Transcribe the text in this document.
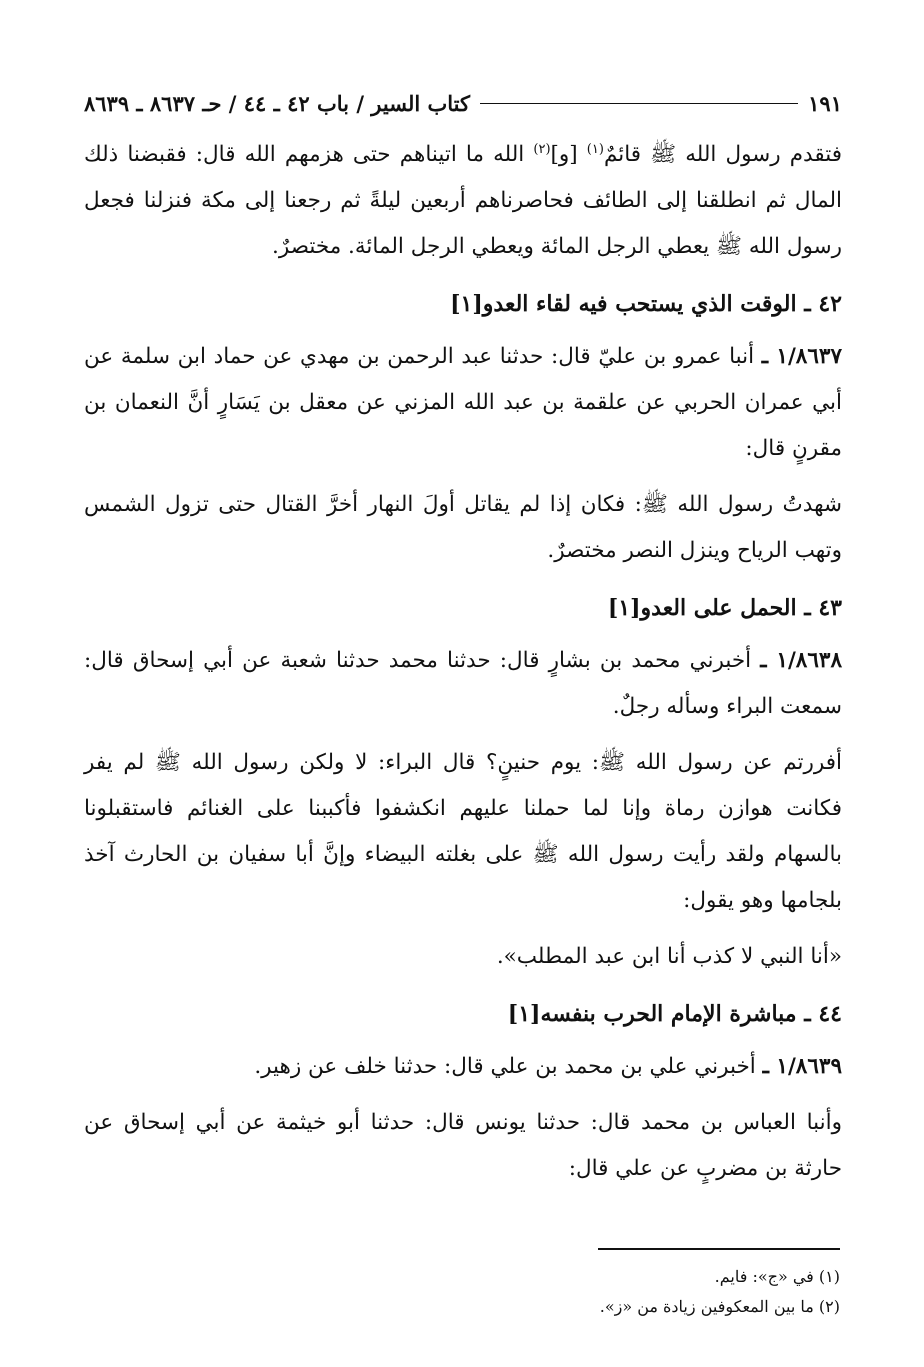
كتاب السير / باب ٤٢ ـ ٤٤ / حـ ٨٦٣٧ ـ ٨٦٣٩	١٩١

فتقدم رسول الله ﷺ قائمٌ$^{(١)}$ [و]$^{(٢)}$ الله ما اتيناهم حتى هزمهم الله قال: فقبضنا ذلك المال ثم انطلقنا إلى الطائف فحاصرناهم أربعين ليلةً ثم رجعنا إلى مكة فنزلنا فجعل رسول الله ﷺ يعطي الرجل المائة ويعطي الرجل المائة. مختصرٌ.

٤٢ ـ الوقت الذي يستحب فيه لقاء العدو[١]

١/٨٦٣٧ ـ أنبا عمرو بن عليّ قال: حدثنا عبد الرحمن بن مهدي عن حماد ابن سلمة عن أبي عمران الحربي عن علقمة بن عبد الله المزني عن معقل بن يَسَارٍ أنَّ النعمان بن مقرنٍ قال:

شهدتُ رسول الله ﷺ: فكان إذا لم يقاتل أولَ النهار أخرَّ القتال حتى تزول الشمس وتهب الرياح وينزل النصر مختصرٌ.

٤٣ ـ الحمل على العدو[١]

١/٨٦٣٨ ـ أخبرني محمد بن بشارٍ قال: حدثنا محمد حدثنا شعبة عن أبي إسحاق قال: سمعت البراء وسأله رجلٌ.

أفررتم عن رسول الله ﷺ: يوم حنينٍ؟ قال البراء: لا ولكن رسول الله ﷺ لم يفر فكانت هوازن رماة وإنا لما حملنا عليهم انكشفوا فأكببنا على الغنائم فاستقبلونا بالسهام ولقد رأيت رسول الله ﷺ على بغلته البيضاء وإنَّ أبا سفيان بن الحارث آخذ بلجامها وهو يقول:

«أنا النبي لا كذب أنا ابن عبد المطلب».

٤٤ ـ مباشرة الإمام الحرب بنفسه[١]

١/٨٦٣٩ ـ أخبرني علي بن محمد بن علي قال: حدثنا خلف عن زهير.

وأنبا العباس بن محمد قال: حدثنا يونس قال: حدثنا أبو خيثمة عن أبي إسحاق عن حارثة بن مضربٍ عن علي قال:

(١) في «ج»: فايم.
(٢) ما بين المعكوفين زيادة من «ز».
